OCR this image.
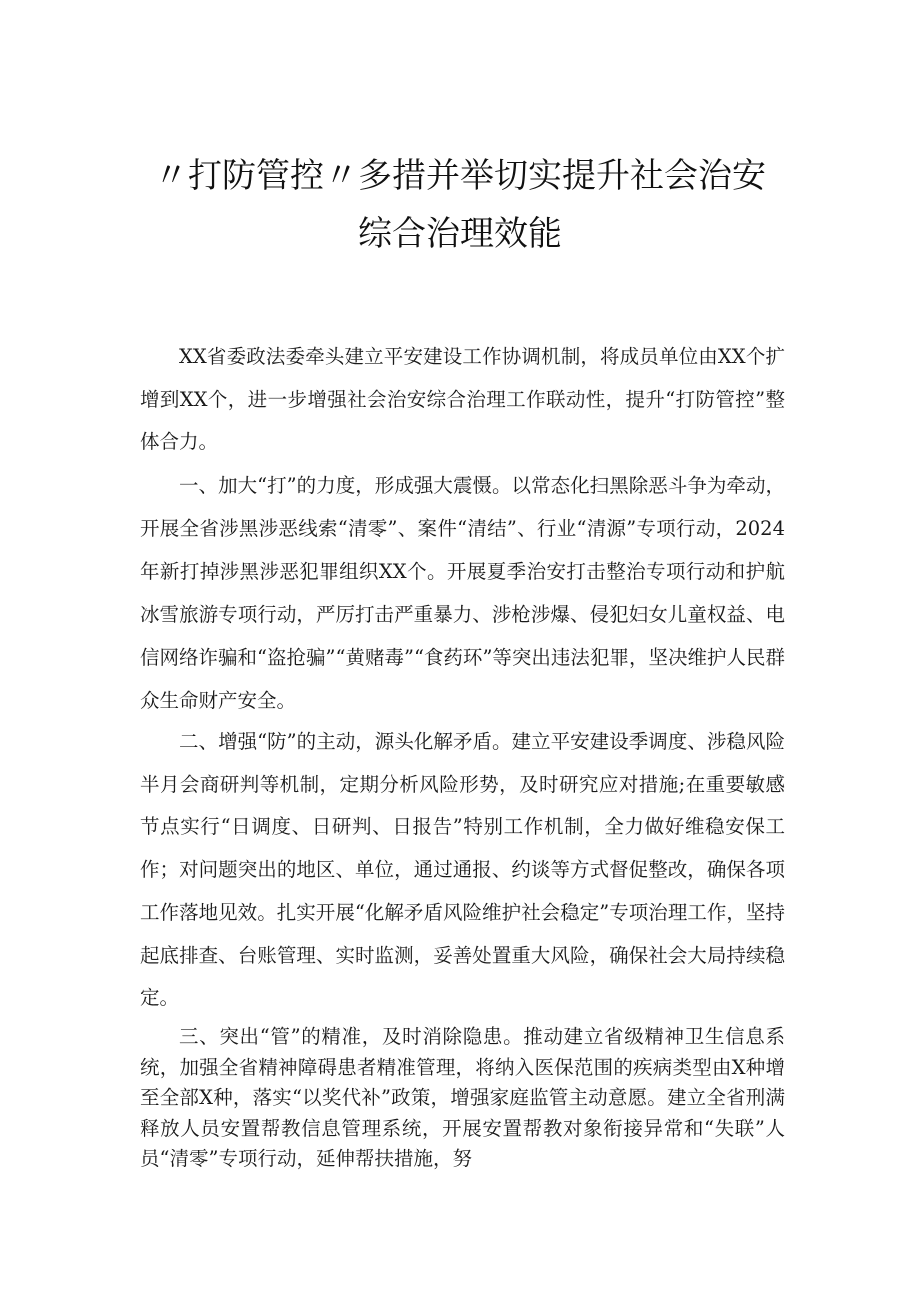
〃打防管控〃多措并举切实提升社会治安
综合治理效能

XX省委政法委牵头建立平安建设工作协调机制，将成员单位由XX个扩增到XX个，进一步增强社会治安综合治理工作联动性，提升“打防管控”整体合力。

一、加大“打”的力度，形成强大震慑。以常态化扫黑除恶斗争为牵动，开展全省涉黑涉恶线索“清零”、案件“清结”、行业“清源”专项行动，2024年新打掉涉黑涉恶犯罪组织XX个。开展夏季治安打击整治专项行动和护航冰雪旅游专项行动，严厉打击严重暴力、涉枪涉爆、侵犯妇女儿童权益、电信网络诈骗和“盗抢骗”“黄赌毒”“食药环”等突出违法犯罪，坚决维护人民群众生命财产安全。

二、增强“防”的主动，源头化解矛盾。建立平安建设季调度、涉稳风险半月会商研判等机制，定期分析风险形势，及时研究应对措施;在重要敏感节点实行“日调度、日研判、日报告”特别工作机制，全力做好维稳安保工作；对问题突出的地区、单位，通过通报、约谈等方式督促整改，确保各项工作落地见效。扎实开展“化解矛盾风险维护社会稳定”专项治理工作，坚持起底排查、台账管理、实时监测，妥善处置重大风险，确保社会大局持续稳定。

三、突出“管”的精准，及时消除隐患。推动建立省级精神卫生信息系统，加强全省精神障碍患者精准管理，将纳入医保范围的疾病类型由X种增至全部X种，落实“以奖代补”政策，增强家庭监管主动意愿。建立全省刑满释放人员安置帮教信息管理系统，开展安置帮教对象衔接异常和“失联”人员“清零”专项行动，延伸帮扶措施，努
